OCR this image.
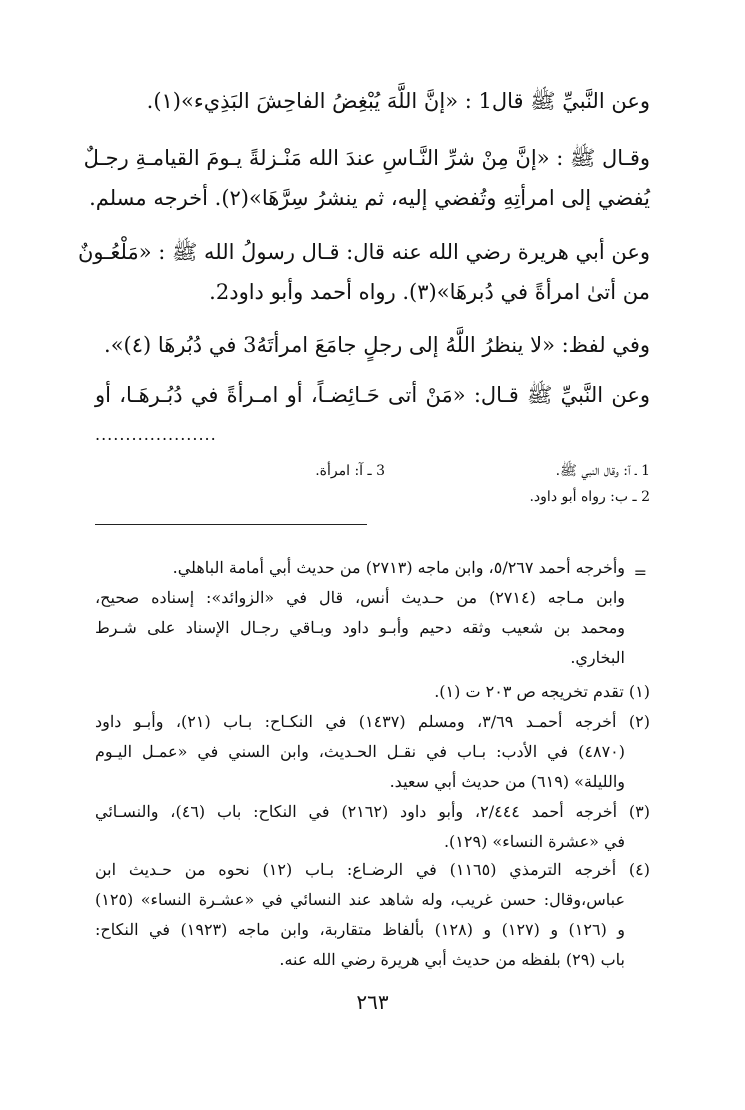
وعن النَّبيِّ ﷺ قال1 : «إنَّ اللَّهَ يُبْغِضُ الفاحِشَ البَذِيء»(١).
وقـال ﷺ : «إنَّ مِنْ شرِّ النَّـاسِ عندَ الله مَنْـزلةً يـومَ القيامـةِ رجـلٌ
يُفضي إلى امرأتِهِ وتُفضي إليه، ثم ينشرُ سِرَّهَا»(٢). أخرجه مسلم.
وعن أبي هريرة رضي الله عنه قال: قـال رسولُ الله ﷺ : «مَلْعُـونٌ
من أتىٰ امرأةً في دُبرهَا»(٣). رواه أحمد وأبو داود2.
وفي لفظ: «لا ينظرُ اللَّهُ إلى رجلٍ جامَعَ امرأتَهُ3 في دُبُرهَا (٤)».
وعن النَّبيِّ ﷺ قـال: «مَنْ أتى حَـائِضـاً، أو امـرأةً في دُبُـرهَـا، أو
....................
1 ـ آ: وقال النبي ﷺ.
3 ـ آ: امرأة.
2 ـ ب: رواه أبو داود.
=
وأخرجه أحمد ٥/٢٦٧، وابن ماجه (٢٧١٣) من حديث أبي أمامة الباهلي.
وابن مـاجه (٢٧١٤) من حـديث أنس، قال في «الزوائد»: إسناده صحيح،
ومحمد بن شعيب وثقه دحيم وأبـو داود وبـاقي رجـال الإسناد على شـرط
البخاري.
(١) تقدم تخريجه ص ٢٠٣ ت (١).
(٢) أخرجه أحمـد ٣/٦٩، ومسلم (١٤٣٧) في النكـاح: بـاب (٢١)، وأبـو داود
(٤٨٧٠) في الأدب: بـاب في نقـل الحـديث، وابن السني في «عمـل اليـوم
والليلة» (٦١٩) من حديث أبي سعيد.
(٣) أخرجه أحمد ٢/٤٤٤، وأبو داود (٢١٦٢) في النكاح: باب (٤٦)، والنسـائي
في «عشرة النساء» (١٢٩).
(٤) أخرجه الترمذي (١١٦٥) في الرضـاع: بـاب (١٢) نحوه من حـديث ابن
عباس،وقال: حسن غريب، وله شاهد عند النسائي في «عشـرة النساء» (١٢٥)
و (١٢٦) و (١٢٧) و (١٢٨) بألفاظ متقاربة، وابن ماجه (١٩٢٣) في النكاح:
باب (٢٩) بلفظه من حديث أبي هريرة رضي الله عنه.
٢٦٣
